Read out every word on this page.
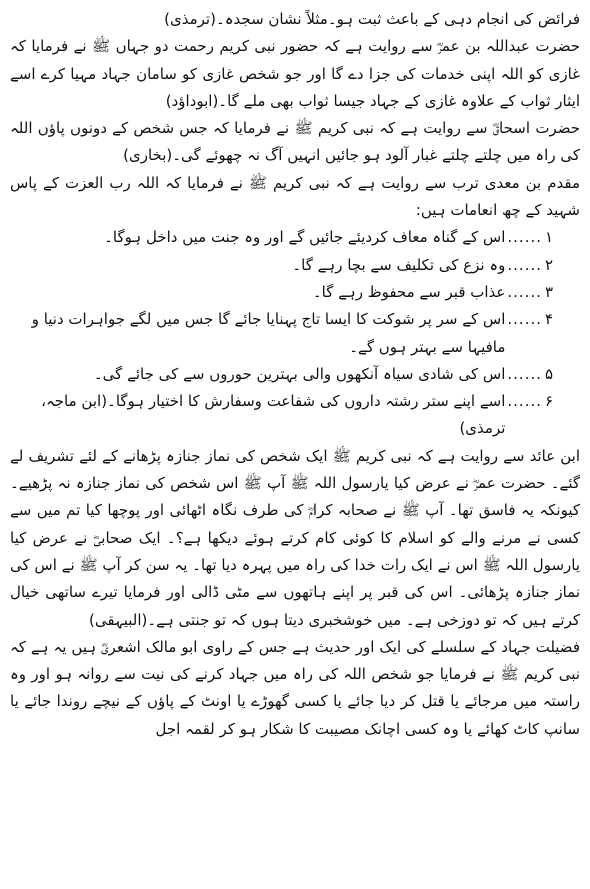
فرائض کی انجام دہی کے باعث ثبت ہو۔مثلاً نشان سجدہ۔(ترمذی)

حضرت عبداللہ بن عمرؓ سے روایت ہے کہ حضور نبی کریم رحمت دو جہاں ﷺ نے فرمایا کہ غازی کو اللہ اپنی خدمات کی جزا دے گا اور جو شخص غازی کو سامان جہاد مہیا کرے اسے ایثار ثواب کے علاوہ غازی کے جہاد جیسا ثواب بھی ملے گا۔(ابوداؤد)

حضرت اسحاقؓ سے روایت ہے کہ نبی کریم ﷺ نے فرمایا کہ جس شخص کے دونوں پاؤں اللہ کی راہ میں چلتے چلتے غبار آلود ہو جائیں انہیں آگ نہ چھوئے گی۔(بخاری)

مقدم بن معدی ترب سے روایت ہے کہ نبی کریم ﷺ نے فرمایا کہ اللہ رب العزت کے پاس شہید کے چھ انعامات ہیں:

۱
......
اس کے گناہ معاف کردیئے جائیں گے اور وہ جنت میں داخل ہوگا۔
۲
......
وہ نزع کی تکلیف سے بچا رہے گا۔
۳
......
عذاب قبر سے محفوظ رہے گا۔
۴
......
اس کے سر پر شوکت کا ایسا تاج پہنایا جائے گا جس میں لگے جواہرات دنیا و مافیہا سے بہتر ہوں گے۔
۵
......
اس کی شادی سیاہ آنکھوں والی بہترین حوروں سے کی جائے گی۔
۶
......
اسے اپنے ستر رشتہ داروں کی شفاعت وسفارش کا اختیار ہوگا۔(ابن ماجہ، ترمذی)

ابن عائد سے روایت ہے کہ نبی کریم ﷺ ایک شخص کی نماز جنازہ پڑھانے کے لئے تشریف لے گئے۔ حضرت عمرؓ نے عرض کیا یارسول اللہ ﷺ آپ ﷺ اس شخص کی نماز جنازہ نہ پڑھیے۔ کیونکہ یہ فاسق تھا۔ آپ ﷺ نے صحابہ کرامؓ کی طرف نگاہ اٹھائی اور پوچھا کیا تم میں سے کسی نے مرنے والے کو اسلام کا کوئی کام کرتے ہوئے دیکھا ہے؟۔ ایک صحابیؓ نے عرض کیا یارسول اللہ ﷺ اس نے ایک رات خدا کی راہ میں پہرہ دیا تھا۔ یہ سن کر آپ ﷺ نے اس کی نماز جنازہ پڑھائی۔ اس کی قبر پر اپنے ہاتھوں سے مٹی ڈالی اور فرمایا تیرے ساتھی خیال کرتے ہیں کہ تو دوزخی ہے۔ میں خوشخبری دیتا ہوں کہ تو جنتی ہے۔(البیہقی)

فضیلت جہاد کے سلسلے کی ایک اور حدیث ہے جس کے راوی ابو مالک اشعریؓ ہیں یہ ہے کہ نبی کریم ﷺ نے فرمایا جو شخص اللہ کی راہ میں جہاد کرنے کی نیت سے روانہ ہو اور وہ راستہ میں مرجائے یا قتل کر دیا جائے یا کسی گھوڑے یا اونٹ کے پاؤں کے نیچے روندا جائے یا سانپ کاٹ کھائے یا وہ کسی اچانک مصیبت کا شکار ہو کر لقمہ اجل
